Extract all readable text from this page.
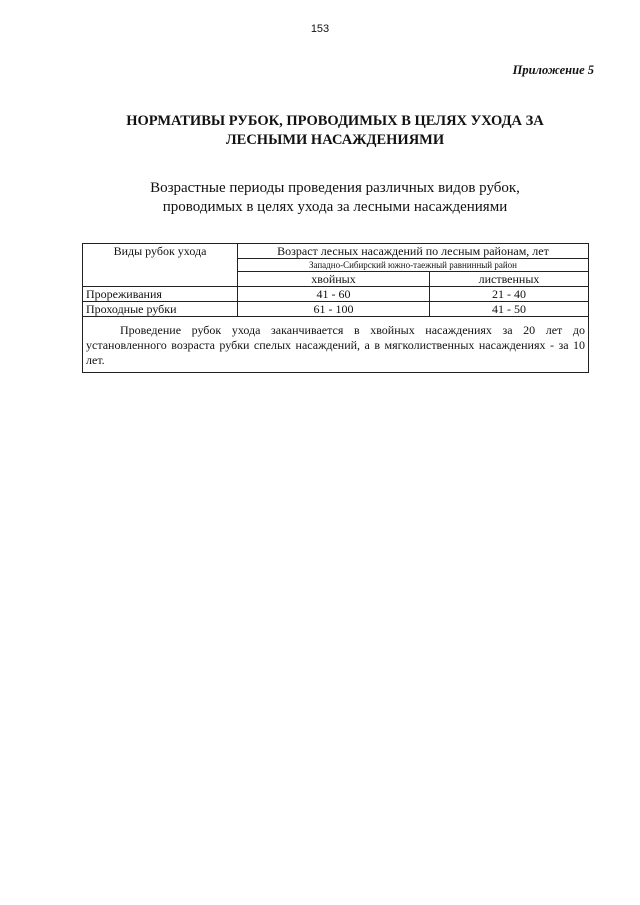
153
Приложение 5
НОРМАТИВЫ РУБОК, ПРОВОДИМЫХ В ЦЕЛЯХ УХОДА ЗА
ЛЕСНЫМИ НАСАЖДЕНИЯМИ
Возрастные периоды проведения различных видов рубок,
проводимых в целях ухода за лесными насаждениями
Виды рубок ухода	Возраст лесных насаждений по лесным районам, лет	
	Западно-Сибирский южно-таежный равнинный район	
	хвойных	лиственных
Прореживания	41 - 60	21 - 40
Проходные рубки	61 - 100	41 - 50
Проведение рубок ухода заканчивается в хвойных насаждениях за 20 лет до установленного возраста рубки спелых насаждений, а в мягколиственных насаждениях - за 10 лет.		
